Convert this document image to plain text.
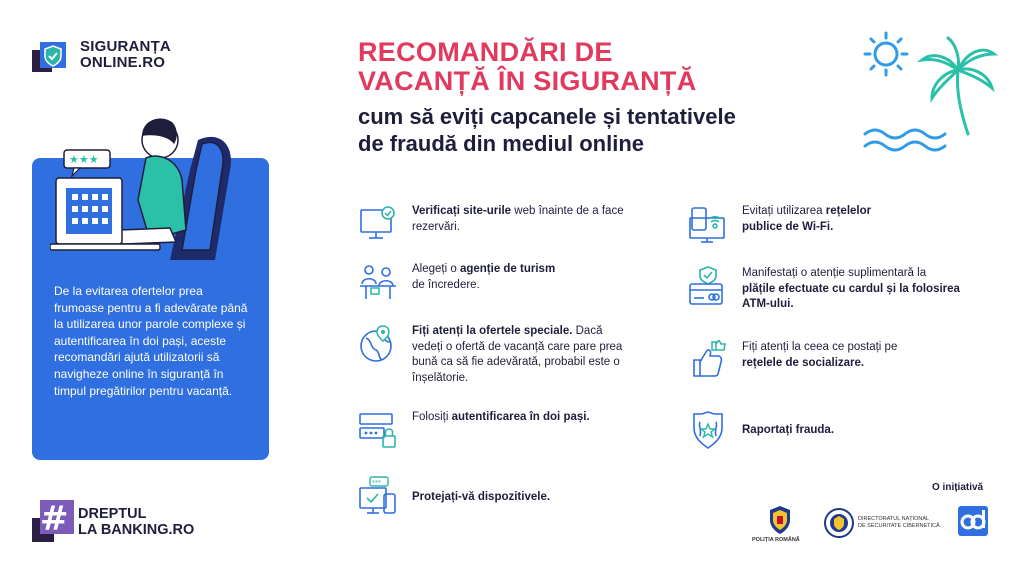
SIGURANȚA
ONLINE.RO	RECOMANDĂRI DE
VACANȚĂ ÎN SIGURANȚĂ
cum să eviți capcanele și tentativele
de fraudă din mediul online
★★★
De la evitarea ofertelor prea frumoase pentru a fi adevărate până la utilizarea unor parole complexe și autentificarea în doi pași, aceste recomandări ajută utilizatorii să navigheze online în siguranță în timpul pregătirilor pentru vacanță.
Verificați site-urile web înainte de a face rezervări.
Alegeți o agenție de turism
de încredere.
Fiți atenți la ofertele speciale. Dacă vedeți o ofertă de vacanță care pare prea bună ca să fie adevărată, probabil este o înșelătorie.
Folosiți autentificarea în doi pași.
***
Protejați-vă dispozitivele.
Evitați utilizarea rețelelor publice de Wi-Fi.
Manifestați o atenție suplimentară la plățile efectuate cu cardul și la folosirea ATM-ului.
Fiți atenți la ceea ce postați pe rețelele de socializare.
Raportați frauda.
# DREPTUL
LA BANKING.RO
O inițiativă
POLIȚIA ROMÂNĂ
DIRECTORATUL NAȚIONAL
DE SECURITATE CIBERNETICĂ
